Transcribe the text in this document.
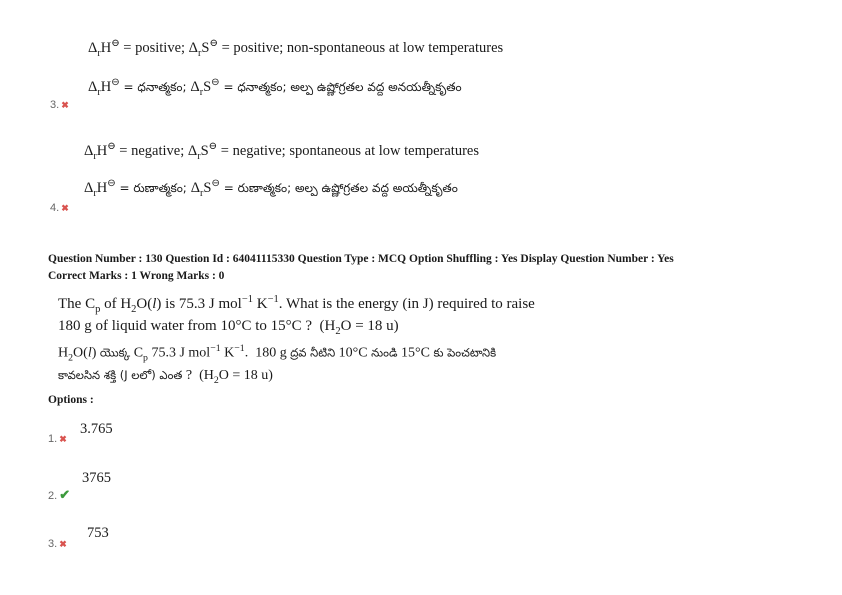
$\Delta_rH^⊖$ = positive; $\Delta_rS^⊖$ = positive; non-spontaneous at low temperatures
$\Delta_rH^⊖$ = ధనాత్మకం; $\Delta_rS^⊖$ = ధనాత్మకం; అల్ప ఉష్ణోగ్రతల వద్ద అనయత్నీకృతం
3. ✖
$\Delta_rH^⊖$ = negative; $\Delta_rS^⊖$ = negative; spontaneous at low temperatures
$\Delta_rH^⊖$ = రుణాత్మకం; $\Delta_rS^⊖$ = రుణాత్మకం; అల్ప ఉష్ణోగ్రతల వద్ద అయత్నీకృతం
4. ✖
Question Number : 130 Question Id : 64041115330 Question Type : MCQ Option Shuffling : Yes Display Question Number : Yes
Correct Marks : 1 Wrong Marks : 0
The $C_p$ of $H_2O(l)$ is 75.3 J mol$^{-1}$ $K^{-1}$. What is the energy (in J) required to raise
180 g of liquid water from 10°C to 15°C ?  ($H_2O = 18$ u)
$H_2O(l)$ యొక్క $C_p$ 75.3 J mol$^{-1}$ $K^{-1}$.  180 g ద్రవ నీటిని 10°C నుండి 15°C కు పెంచటానికి
కావలసిన శక్తి (J లలో) ఎంత ?  ($H_2O = 18$ u)
Options :
3.765
1. ✖
3765
2. ✔
753
3. ✖
